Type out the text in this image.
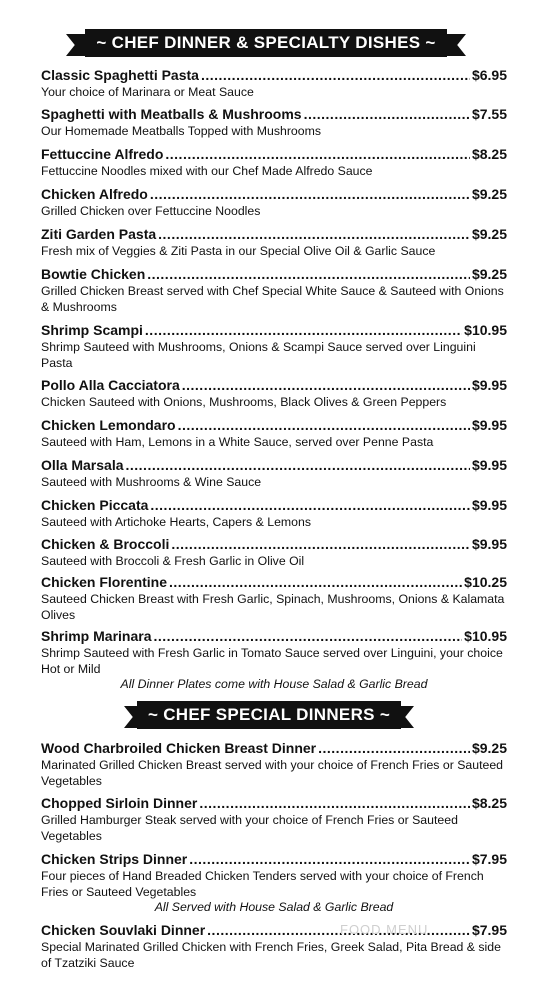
~ CHEF DINNER & SPECIALTY DISHES ~
Classic Spaghetti Pasta .....	$6.95
Your choice of Marinara or Meat Sauce
Spaghetti with Meatballs & Mushrooms .....	$7.55
Our Homemade Meatballs Topped with Mushrooms
Fettuccine Alfredo .....	$8.25
Fettuccine Noodles mixed with our Chef Made Alfredo Sauce
Chicken Alfredo .....	$9.25
Grilled Chicken over Fettuccine Noodles
Ziti Garden Pasta .....	$9.25
Fresh mix of Veggies & Ziti Pasta in our Special Olive Oil & Garlic Sauce
Bowtie Chicken .....	$9.25
Grilled Chicken Breast served with Chef Special White Sauce & Sauteed with Onions & Mushrooms
Shrimp Scampi .....	$10.95
Shrimp Sauteed with Mushrooms, Onions & Scampi Sauce served over Linguini Pasta
Pollo Alla Cacciatora .....	$9.95
Chicken Sauteed with Onions, Mushrooms, Black Olives & Green Peppers
Chicken Lemondaro .....	$9.95
Sauteed with Ham, Lemons in a White Sauce, served over Penne Pasta
Olla Marsala .....	$9.95
Sauteed with Mushrooms & Wine Sauce
Chicken Piccata .....	$9.95
Sauteed with Artichoke Hearts, Capers & Lemons
Chicken & Broccoli .....	$9.95
Sauteed with Broccoli & Fresh Garlic in Olive Oil
Chicken Florentine .....	$10.25
Sauteed Chicken Breast with Fresh Garlic, Spinach, Mushrooms, Onions & Kalamata Olives
Shrimp Marinara .....	$10.95
Shrimp Sauteed with Fresh Garlic in Tomato Sauce served over Linguini, your choice Hot or Mild
All Dinner Plates come with House Salad & Garlic Bread
~ CHEF SPECIAL DINNERS ~
Wood Charbroiled Chicken Breast Dinner .....	$9.25
Marinated Grilled Chicken Breast served with your choice of French Fries or Sauteed Vegetables
Chopped Sirloin Dinner .....	$8.25
Grilled Hamburger Steak served with your choice of French Fries or Sauteed Vegetables
Chicken Strips Dinner .....	$7.95
Four pieces of Hand Breaded Chicken Tenders served with your choice of French Fries or Sauteed Vegetables
All Served with House Salad & Garlic Bread
Chicken Souvlaki Dinner .....	$7.95
Special Marinated Grilled Chicken with French Fries, Greek Salad, Pita Bread & side of Tzatziki Sauce
FOOD MENU
